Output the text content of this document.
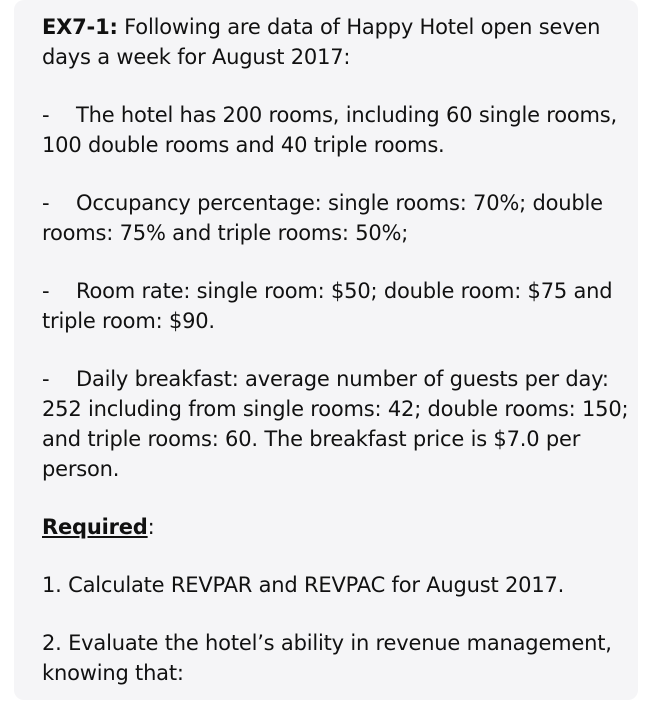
EX7-1: Following are data of Happy Hotel open seven days a week for August 2017:

- The hotel has 200 rooms, including 60 single rooms, 100 double rooms and 40 triple rooms.

- Occupancy percentage: single rooms: 70%; double rooms: 75% and triple rooms: 50%;

- Room rate: single room: $50; double room: $75 and triple room: $90.

- Daily breakfast: average number of guests per day: 252 including from single rooms: 42; double rooms: 150; and triple rooms: 60. The breakfast price is $7.0 per person.

Required:

1. Calculate REVPAR and REVPAC for August 2017.

2. Evaluate the hotel’s ability in revenue management, knowing that:
